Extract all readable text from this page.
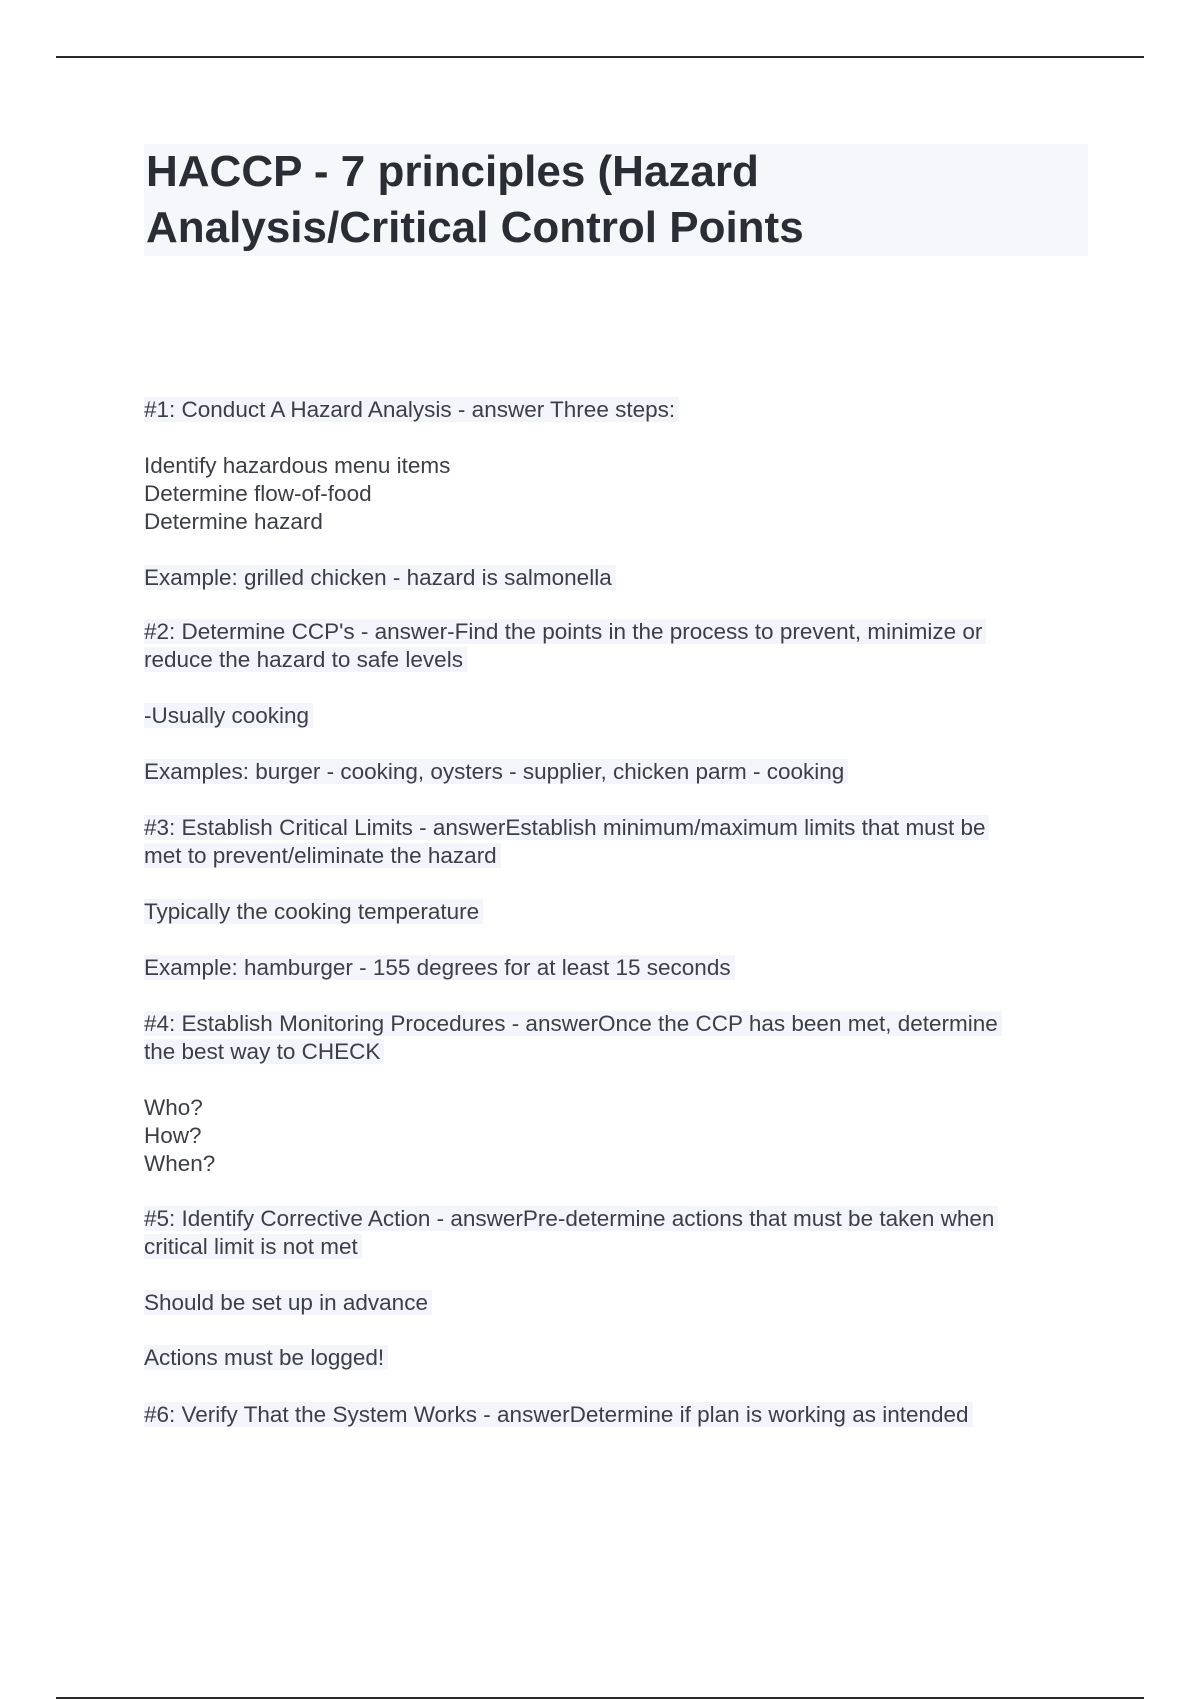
HACCP - 7 principles (Hazard
Analysis/Critical Control Points
#1: Conduct A Hazard Analysis - answer Three steps:
Identify hazardous menu items
Determine flow-of-food
Determine hazard
Example: grilled chicken - hazard is salmonella
#2: Determine CCP's - answer-Find the points in the process to prevent, minimize or
reduce the hazard to safe levels
-Usually cooking
Examples: burger - cooking, oysters - supplier, chicken parm - cooking
#3: Establish Critical Limits - answerEstablish minimum/maximum limits that must be
met to prevent/eliminate the hazard
Typically the cooking temperature
Example: hamburger - 155 degrees for at least 15 seconds
#4: Establish Monitoring Procedures - answerOnce the CCP has been met, determine
the best way to CHECK
Who?
How?
When?
#5: Identify Corrective Action - answerPre-determine actions that must be taken when
critical limit is not met
Should be set up in advance
Actions must be logged!
#6: Verify That the System Works - answerDetermine if plan is working as intended
